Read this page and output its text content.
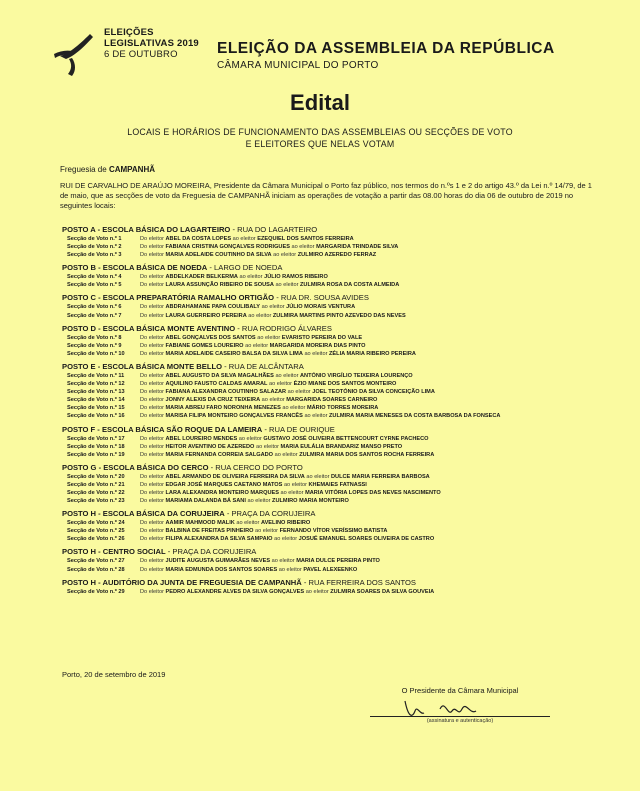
ELEIÇÕES
LEGISLATIVAS 2019
6 DE OUTUBRO	ELEIÇÃO DA ASSEMBLEIA DA REPÚBLICA
CÂMARA MUNICIPAL DO PORTO
Edital
LOCAIS E HORÁRIOS DE FUNCIONAMENTO DAS ASSEMBLEIAS OU SECÇÕES DE VOTO
E ELEITORES QUE NELAS VOTAM
Freguesia de CAMPANHÃ
RUI DE CARVALHO DE ARAÚJO MOREIRA, Presidente da Câmara Municipal o Porto faz público, nos termos do n.ºs 1 e 2 do artigo 43.º da Lei n.º 14/79, de 1
de maio, que as secções de voto da Freguesia de CAMPANHÃ iniciam as operações de votação a partir das 08.00 horas do dia 06 de outubro de 2019 no
seguintes locais:
POSTO A - ESCOLA BÁSICA DO LAGARTEIRO - RUA DO LAGARTEIRO
Secção de Voto n.º 1	Do eleitor ABEL DA COSTA LOPES ao eleitor EZEQUIEL DOS SANTOS FERREIRA
Secção de Voto n.º 2	Do eleitor FABIANA CRISTINA GONÇALVES RODRIGUES ao eleitor MARGARIDA TRINDADE SILVA
Secção de Voto n.º 3	Do eleitor MARIA ADELAIDE COUTINHO DA SILVA ao eleitor ZULMIRO AZEREDO FERRAZ
POSTO B - ESCOLA BÁSICA DE NOEDA - LARGO DE NOEDA
Secção de Voto n.º 4	Do eleitor ABDELKADER BELKERMA ao eleitor JÚLIO RAMOS RIBEIRO
Secção de Voto n.º 5	Do eleitor LAURA ASSUNÇÃO RIBEIRO DE SOUSA ao eleitor ZULMIRA ROSA DA COSTA ALMEIDA
POSTO C - ESCOLA PREPARATÓRIA RAMALHO ORTIGÃO - RUA DR. SOUSA AVIDES
Secção de Voto n.º 6	Do eleitor ABDRAHAMANE PAPA COULIBALY ao eleitor JÚLIO MORAIS VENTURA
Secção de Voto n.º 7	Do eleitor LAURA GUERREIRO PEREIRA ao eleitor ZULMIRA MARTINS PINTO AZEVEDO DAS NEVES
POSTO D - ESCOLA BÁSICA MONTE AVENTINO - RUA RODRIGO ÁLVARES
Secção de Voto n.º 8	Do eleitor ABEL GONÇALVES DOS SANTOS ao eleitor EVARISTO PEREIRA DO VALE
Secção de Voto n.º 9	Do eleitor FABIANE GOMES LOUREIRO ao eleitor MARGARIDA MOREIRA DIAS PINTO
Secção de Voto n.º 10	Do eleitor MARIA ADELAIDE CASEIRO BALSA DA SILVA LIMA ao eleitor ZÉLIA MARIA RIBEIRO PEREIRA
POSTO E - ESCOLA BÁSICA MONTE BELLO - RUA DE ALCÂNTARA
Secção de Voto n.º 11	Do eleitor ABEL AUGUSTO DA SILVA MAGALHÃES ao eleitor ANTÓNIO VIRGÍLIO TEIXEIRA LOURENÇO
Secção de Voto n.º 12	Do eleitor AQUILINO FAUSTO CALDAS AMARAL ao eleitor ÉZIO MIANE DOS SANTOS MONTEIRO
Secção de Voto n.º 13	Do eleitor FABIANA ALEXANDRA COUTINHO SALAZAR ao eleitor JOEL TEOTÓNIO DA SILVA CONCEIÇÃO LIMA
Secção de Voto n.º 14	Do eleitor JONNY ALEXIS DA CRUZ TEIXEIRA ao eleitor MARGARIDA SOARES CARNEIRO
Secção de Voto n.º 15	Do eleitor MARIA ABREU FARO NORONHA MENEZES ao eleitor MÁRIO TORRES MOREIRA
Secção de Voto n.º 16	Do eleitor MARISA FILIPA MONTEIRO GONÇALVES FRANCÊS ao eleitor ZULMIRA MARIA MENESES DA COSTA BARBOSA DA FONSECA
POSTO F - ESCOLA BÁSICA SÃO ROQUE DA LAMEIRA - RUA DE OURIQUE
Secção de Voto n.º 17	Do eleitor ABEL LOUREIRO MENDES ao eleitor GUSTAVO JOSÉ OLIVEIRA BETTENCOURT CYRNE PACHECO
Secção de Voto n.º 18	Do eleitor HEITOR AVENTINO DE AZEREDO ao eleitor MARIA EULÁLIA BRANDARIZ MANSO PRETO
Secção de Voto n.º 19	Do eleitor MARIA FERNANDA CORREIA SALGADO ao eleitor ZULMIRA MARIA DOS SANTOS ROCHA FERREIRA
POSTO G - ESCOLA BÁSICA DO CERCO - RUA CERCO DO PORTO
Secção de Voto n.º 20	Do eleitor ABEL ARMANDO DE OLIVEIRA FERREIRA DA SILVA ao eleitor DULCE MARIA FERREIRA BARBOSA
Secção de Voto n.º 21	Do eleitor EDGAR JOSÉ MARQUES CAETANO MATOS ao eleitor KHEMAIES FATNASSI
Secção de Voto n.º 22	Do eleitor LARA ALEXANDRA MONTEIRO MARQUES ao eleitor MARIA VITÓRIA LOPES DAS NEVES NASCIMENTO
Secção de Voto n.º 23	Do eleitor MARIAMA DALANDA BÁ SANI ao eleitor ZULMIRO MARIA MONTEIRO
POSTO H - ESCOLA BÁSICA DA CORUJEIRA - PRAÇA DA CORUJEIRA
Secção de Voto n.º 24	Do eleitor AAMIR MAHMOOD MALIK ao eleitor AVELINO RIBEIRO
Secção de Voto n.º 25	Do eleitor BALBINA DE FREITAS PINHEIRO ao eleitor FERNANDO VÍTOR VERÍSSIMO BATISTA
Secção de Voto n.º 26	Do eleitor FILIPA ALEXANDRA DA SILVA SAMPAIO ao eleitor JOSUÉ EMANUEL SOARES OLIVEIRA DE CASTRO
POSTO H - CENTRO SOCIAL - PRAÇA DA CORUJEIRA
Secção de Voto n.º 27	Do eleitor JUDITE AUGUSTA GUIMARÃES NEVES ao eleitor MARIA DULCE PEREIRA PINTO
Secção de Voto n.º 28	Do eleitor MARIA EDMUNDA DOS SANTOS SOARES ao eleitor PAVEL ALEXEENKO
POSTO H - AUDITÓRIO DA JUNTA DE FREGUESIA DE CAMPANHÃ - RUA FERREIRA DOS SANTOS
Secção de Voto n.º 29	Do eleitor PEDRO ALEXANDRE ALVES DA SILVA GONÇALVES ao eleitor ZULMIRA SOARES DA SILVA GOUVEIA
Porto, 20 de setembro de 2019
O Presidente da Câmara Municipal
(assinatura e autenticação)
